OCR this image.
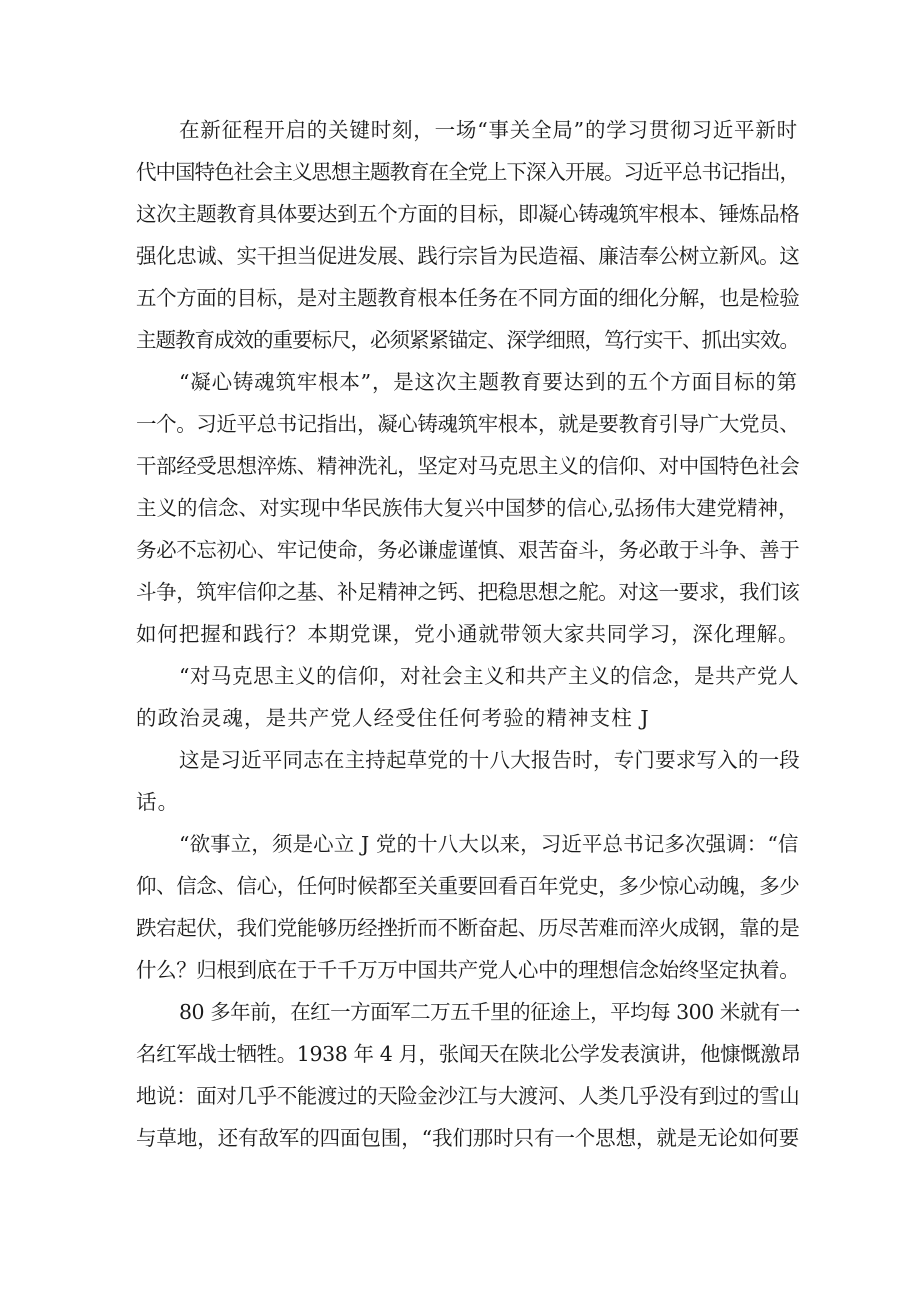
在新征程开启的关键时刻，一场“事关全局”的学习贯彻习近平新时
代中国特色社会主义思想主题教育在全党上下深入开展。习近平总书记指出，
这次主题教育具体要达到五个方面的目标，即凝心铸魂筑牢根本、锤炼品格
强化忠诚、实干担当促进发展、践行宗旨为民造福、廉洁奉公树立新风。这
五个方面的目标，是对主题教育根本任务在不同方面的细化分解，也是检验
主题教育成效的重要标尺，必须紧紧锚定、深学细照，笃行实干、抓出实效。
“凝心铸魂筑牢根本”，是这次主题教育要达到的五个方面目标的第
一个。习近平总书记指出，凝心铸魂筑牢根本，就是要教育引导广大党员、
干部经受思想淬炼、精神洗礼，坚定对马克思主义的信仰、对中国特色社会
主义的信念、对实现中华民族伟大复兴中国梦的信心,弘扬伟大建党精神，
务必不忘初心、牢记使命，务必谦虚谨慎、艰苦奋斗，务必敢于斗争、善于
斗争，筑牢信仰之基、补足精神之钙、把稳思想之舵。对这一要求，我们该
如何把握和践行？本期党课，党小通就带领大家共同学习，深化理解。
“对马克思主义的信仰，对社会主义和共产主义的信念，是共产党人
的政治灵魂，是共产党人经受住任何考验的精神支柱 J
这是习近平同志在主持起草党的十八大报告时，专门要求写入的一段
话。
“欲事立，须是心立 J 党的十八大以来，习近平总书记多次强调：“信
仰、信念、信心，任何时候都至关重要回看百年党史，多少惊心动魄，多少
跌宕起伏，我们党能够历经挫折而不断奋起、历尽苦难而淬火成钢，靠的是
什么？归根到底在于千千万万中国共产党人心中的理想信念始终坚定执着。
80 多年前，在红一方面军二万五千里的征途上，平均每 300 米就有一
名红军战士牺牲。1938 年 4 月，张闻天在陕北公学发表演讲，他慷慨激昂
地说：面对几乎不能渡过的天险金沙江与大渡河、人类几乎没有到过的雪山
与草地，还有敌军的四面包围，“我们那时只有一个思想，就是无论如何要
